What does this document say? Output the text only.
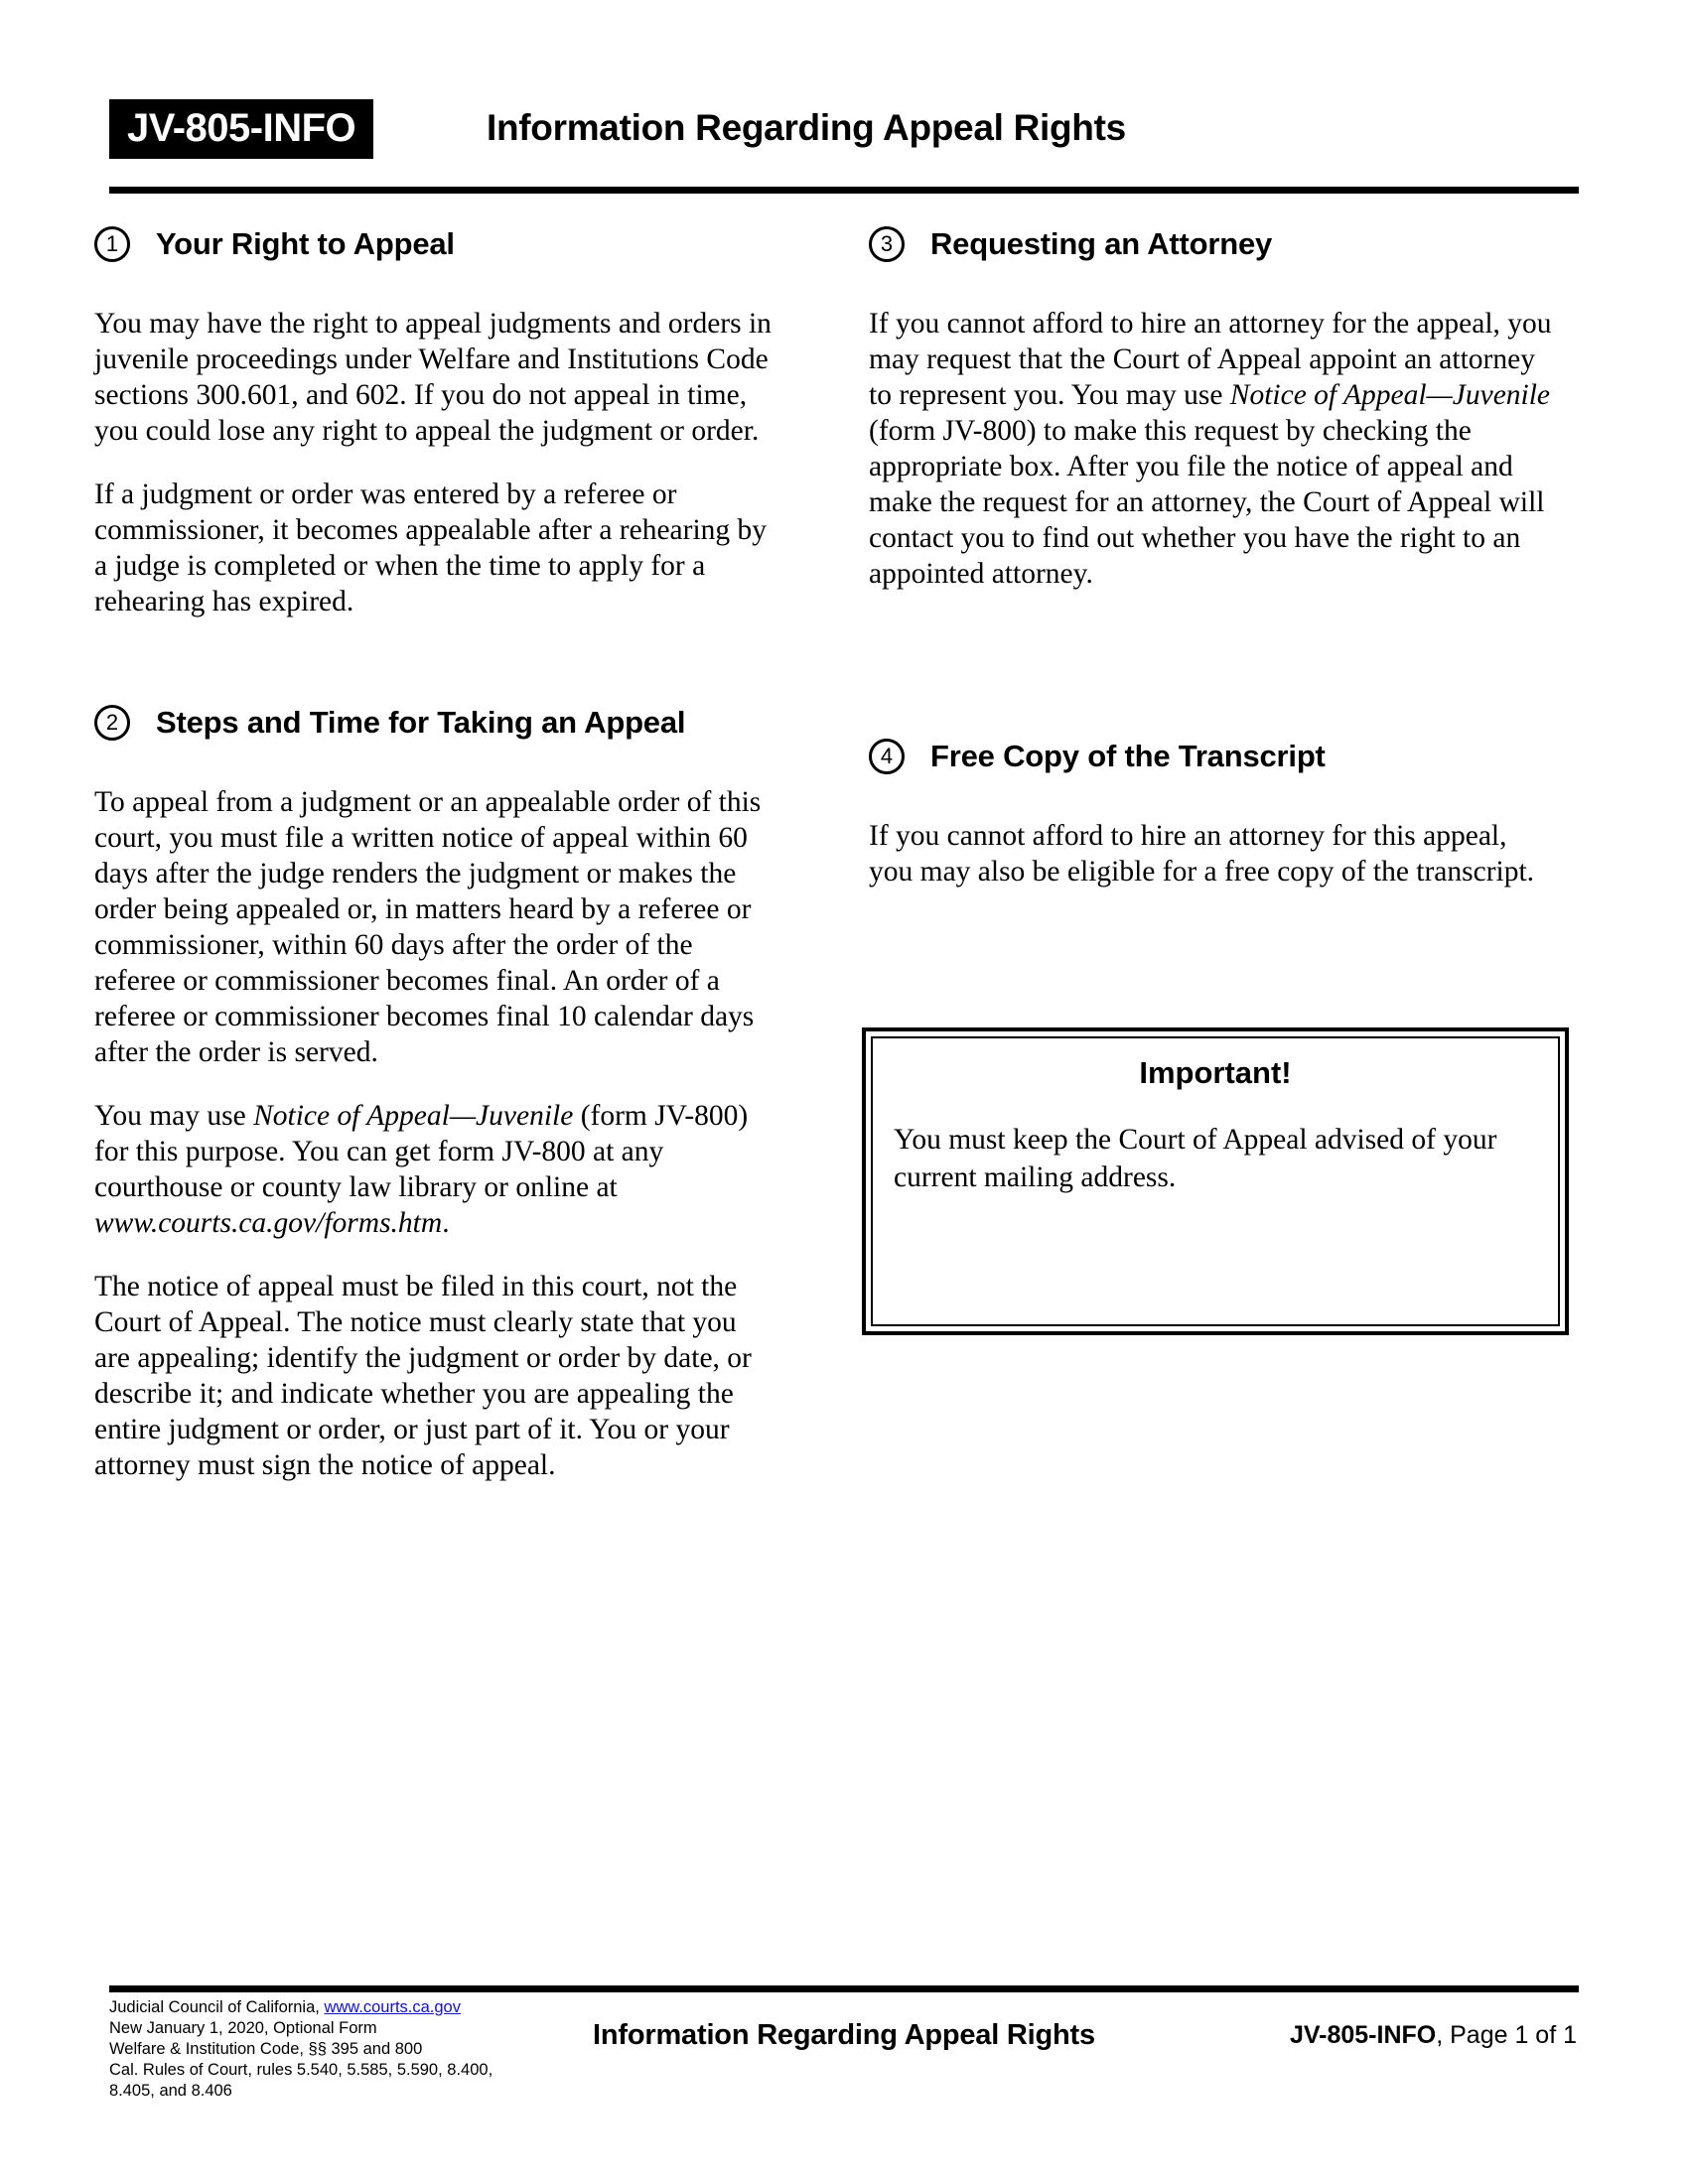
JV-805-INFO	Information Regarding Appeal Rights
1	Your Right to Appeal

You may have the right to appeal judgments and orders in juvenile proceedings under Welfare and Institutions Code sections 300.601, and 602. If you do not appeal in time, you could lose any right to appeal the judgment or order.

If a judgment or order was entered by a referee or commissioner, it becomes appealable after a rehearing by a judge is completed or when the time to apply for a rehearing has expired.

2	Steps and Time for Taking an Appeal

To appeal from a judgment or an appealable order of this court, you must file a written notice of appeal within 60 days after the judge renders the judgment or makes the order being appealed or, in matters heard by a referee or commissioner, within 60 days after the order of the referee or commissioner becomes final. An order of a referee or commissioner becomes final 10 calendar days after the order is served.

You may use Notice of Appeal—Juvenile (form JV-800) for this purpose. You can get form JV-800 at any courthouse or county law library or online at www.courts.ca.gov/forms.htm.

The notice of appeal must be filed in this court, not the Court of Appeal. The notice must clearly state that you are appealing; identify the judgment or order by date, or describe it; and indicate whether you are appealing the entire judgment or order, or just part of it. You or your attorney must sign the notice of appeal.

3	Requesting an Attorney

If you cannot afford to hire an attorney for the appeal, you may request that the Court of Appeal appoint an attorney to represent you. You may use Notice of Appeal—Juvenile (form JV-800) to make this request by checking the appropriate box. After you file the notice of appeal and make the request for an attorney, the Court of Appeal will contact you to find out whether you have the right to an appointed attorney.

4	Free Copy of the Transcript

If you cannot afford to hire an attorney for this appeal, you may also be eligible for a free copy of the transcript.

Important!
You must keep the Court of Appeal advised of your current mailing address.
Judicial Council of California, www.courts.ca.gov
New January 1, 2020, Optional Form
Welfare & Institution Code, §§ 395 and 800
Cal. Rules of Court, rules 5.540, 5.585, 5.590, 8.400,
8.405, and 8.406
Information Regarding Appeal Rights	JV-805-INFO, Page 1 of 1
